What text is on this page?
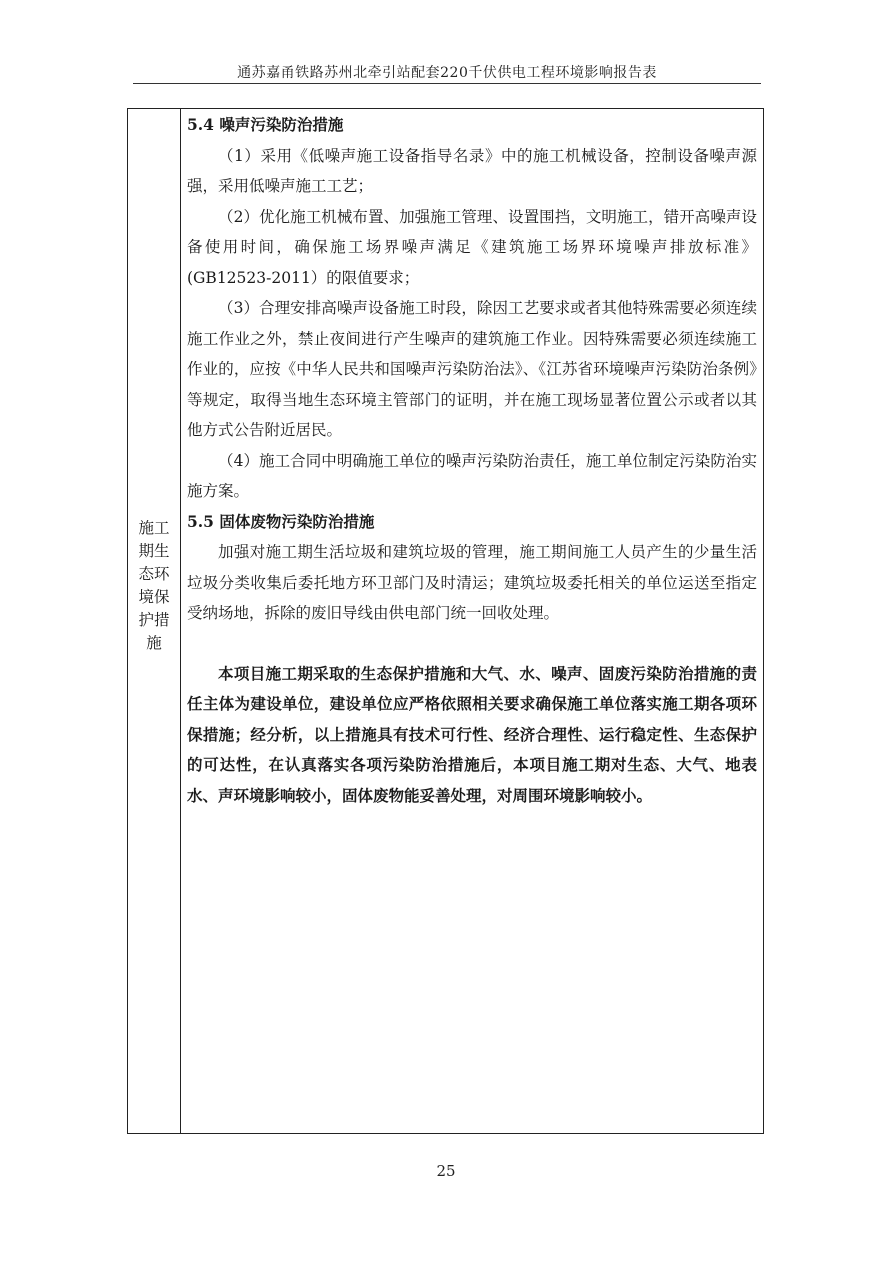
通苏嘉甬铁路苏州北牵引站配套220千伏供电工程环境影响报告表
施工期生态环境保护措施

5.4 噪声污染防治措施

（1）采用《低噪声施工设备指导名录》中的施工机械设备，控制设备噪声源强，采用低噪声施工工艺；

（2）优化施工机械布置、加强施工管理、设置围挡，文明施工，错开高噪声设备使用时间，确保施工场界噪声满足《建筑施工场界环境噪声排放标准》(GB12523-2011）的限值要求；

（3）合理安排高噪声设备施工时段，除因工艺要求或者其他特殊需要必须连续施工作业之外，禁止夜间进行产生噪声的建筑施工作业。因特殊需要必须连续施工作业的，应按《中华人民共和国噪声污染防治法》、《江苏省环境噪声污染防治条例》等规定，取得当地生态环境主管部门的证明，并在施工现场显著位置公示或者以其他方式公告附近居民。

（4）施工合同中明确施工单位的噪声污染防治责任，施工单位制定污染防治实施方案。

5.5 固体废物污染防治措施

加强对施工期生活垃圾和建筑垃圾的管理，施工期间施工人员产生的少量生活垃圾分类收集后委托地方环卫部门及时清运；建筑垃圾委托相关的单位运送至指定受纳场地，拆除的废旧导线由供电部门统一回收处理。

本项目施工期采取的生态保护措施和大气、水、噪声、固废污染防治措施的责任主体为建设单位，建设单位应严格依照相关要求确保施工单位落实施工期各项环保措施；经分析，以上措施具有技术可行性、经济合理性、运行稳定性、生态保护的可达性，在认真落实各项污染防治措施后，本项目施工期对生态、大气、地表水、声环境影响较小，固体废物能妥善处理，对周围环境影响较小。

25
